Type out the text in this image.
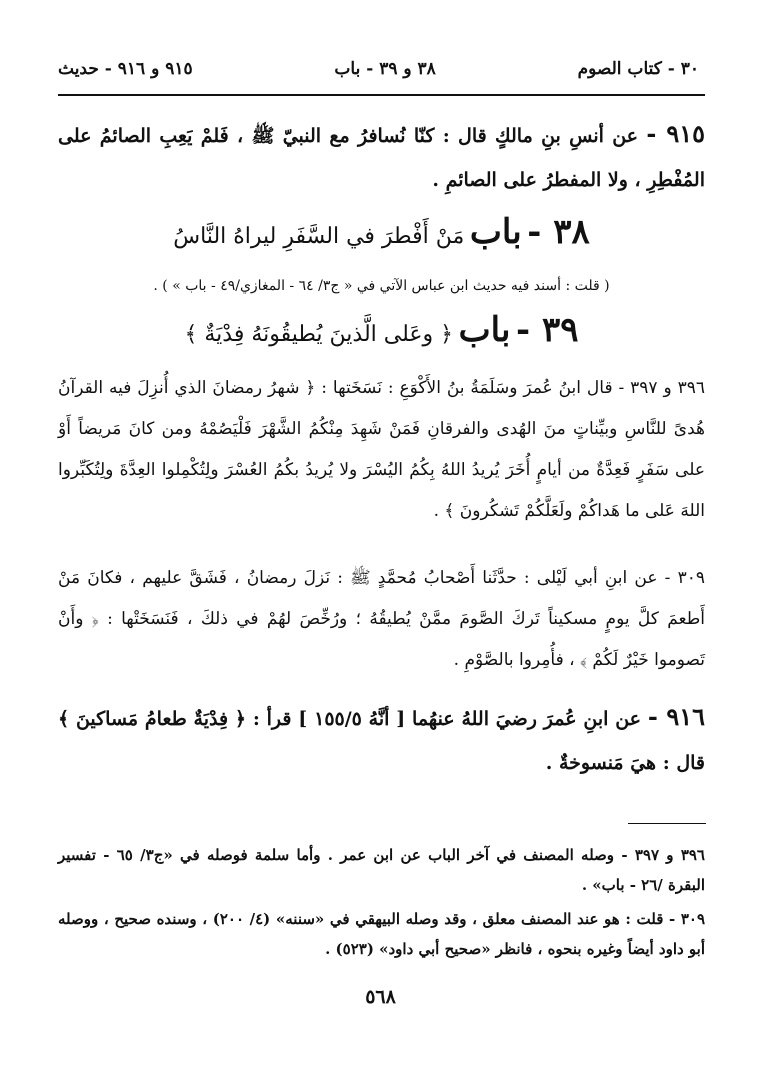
٣٠ - كتاب الصوم
٣٨ و ٣٩ - باب
٩١٥ و ٩١٦ - حديث

٩١٥ - عن أنسِ بنِ مالكٍ قال : كنّا نُسافرُ مع النبيّ ﷺ ، فَلمْ يَعِبِ الصائمُ على المُفْطِرِ ، ولا المفطرُ على الصائمِ .

٣٨ - باب مَنْ أَفْطرَ في السَّفَرِ ليراهُ النَّاسُ
( قلت : أسند فيه حديث ابن عباس الآتي في « ج٣/ ٦٤ - المغازي/٤٩ - باب » ) .
٣٩ - باب ﴿ وعَلى الَّذينَ يُطيقُونَهُ فِدْيَةٌ ﴾
٣٩٦ و ٣٩٧ - قال ابنُ عُمرَ وسَلَمَةُ بنُ الأَكْوَعِ : نَسَخَتها : ﴿ شهرُ رمضانَ الذي أُنزِلَ فيه القرآنُ هُدىً للنَّاسِ وبيِّناتٍ منَ الهُدى والفرقانِ فَمَنْ شَهِدَ مِنْكُمُ الشَّهْرَ فَلْيَصُمْهُ ومن كانَ مَريضاً أَوْ على سَفَرٍ فَعِدَّةٌ من أيامٍ أُخَرَ يُريدُ اللهُ بِكُمُ اليُسْرَ ولا يُريدُ بكُمُ العُسْرَ ولِتُكْمِلوا العِدَّةَ ولِتُكَبِّروا اللهَ عَلى ما هَداكُمْ ولَعَلَّكُمْ تَشكُرونَ ﴾ .
٣٠٩ - عن ابنِ أبي لَيْلى : حدَّثَنا أَصْحابُ مُحمَّدٍ ﷺ : نَزلَ رمضانُ ، فَشَقَّ عليهم ، فكانَ مَنْ أَطعمَ كلَّ يومٍ مسكيناً تَركَ الصَّومَ ممَّنْ يُطيقُهُ ؛ ورُخِّصَ لهُمْ في ذلكَ ، فَنَسَخَتْها : ﴿ وأَنْ تَصوموا خَيْرٌ لَكُمْ ﴾ ، فأُمِروا بالصَّوْمِ .

٩١٦ - عن ابنِ عُمرَ رضيَ اللهُ عنهُما [ أنَّهُ ١٥٥/٥ ] قرأ : ﴿ فِدْيَةٌ طعامُ مَساكينَ ﴾ قال : هيَ مَنسوخةٌ .

٣٩٦ و ٣٩٧ - وصله المصنف في آخر الباب عن ابن عمر . وأما سلمة فوصله في «ج٣/ ٦٥ - تفسير البقرة /٢٦ - باب» .

٣٠٩ - قلت : هو عند المصنف معلق ، وقد وصله البيهقي في «سننه» (٤/ ٢٠٠) ، وسنده صحيح ، ووصله أبو داود أيضاً وغيره بنحوه ، فانظر «صحيح أبي داود» (٥٢٣) .

٥٦٨
